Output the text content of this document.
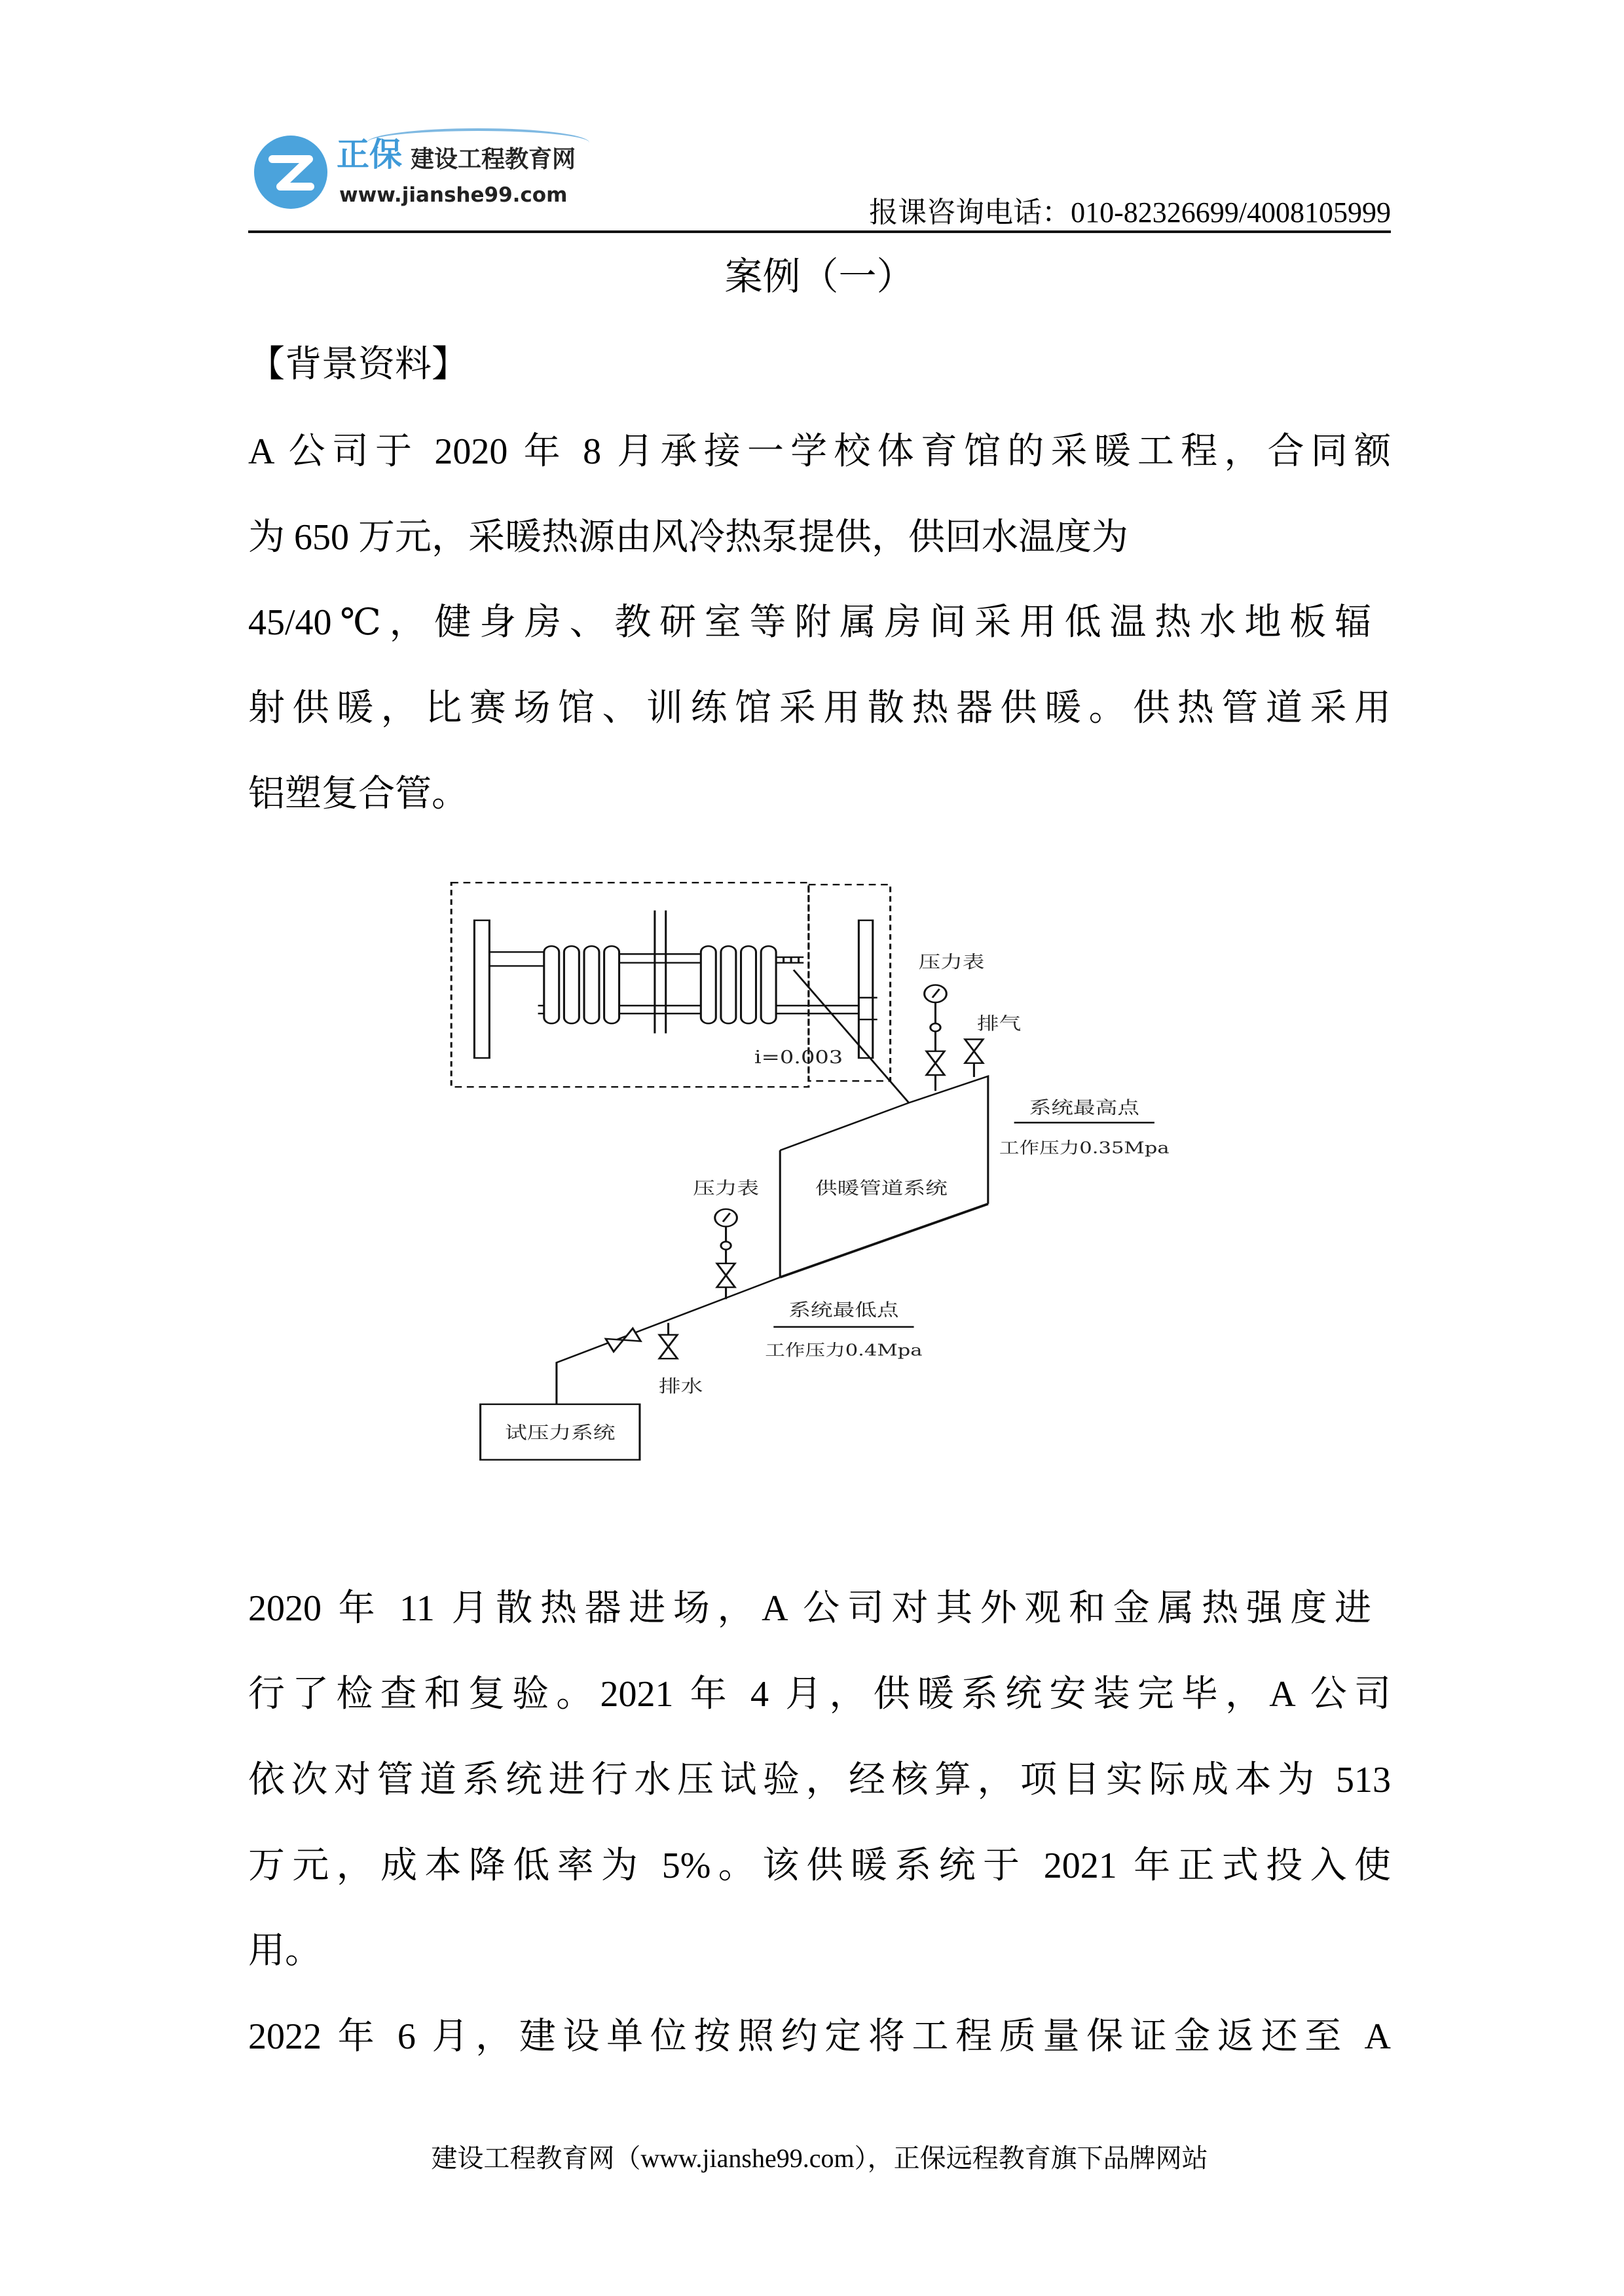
正保 建设工程教育网
www.jianshe99.com
报课咨询电话：010-82326699/4008105999
案例（一）
【背景资料】
A 公司于 2020 年 8 月承接一学校体育馆的采暖工程，合同额
为 650 万元，采暖热源由风冷热泵提供，供回水温度为
45/40℃，健身房、教研室等附属房间采用低温热水地板辐
射供暖，比赛场馆、训练馆采用散热器供暖。供热管道采用
铝塑复合管。
压力表
排气
i=0.003
系统最高点
工作压力0.35Mpa
供暖管道系统
压力表
系统最低点
工作压力0.4Mpa
排水
试压力系统
2020 年 11 月散热器进场，A 公司对其外观和金属热强度进
行了检查和复验。2021 年 4 月，供暖系统安装完毕，A 公司
依次对管道系统进行水压试验，经核算，项目实际成本为 513
万元，成本降低率为 5%。该供暖系统于 2021 年正式投入使
用。
2022 年 6 月，建设单位按照约定将工程质量保证金返还至 A
建设工程教育网（www.jianshe99.com），正保远程教育旗下品牌网站
